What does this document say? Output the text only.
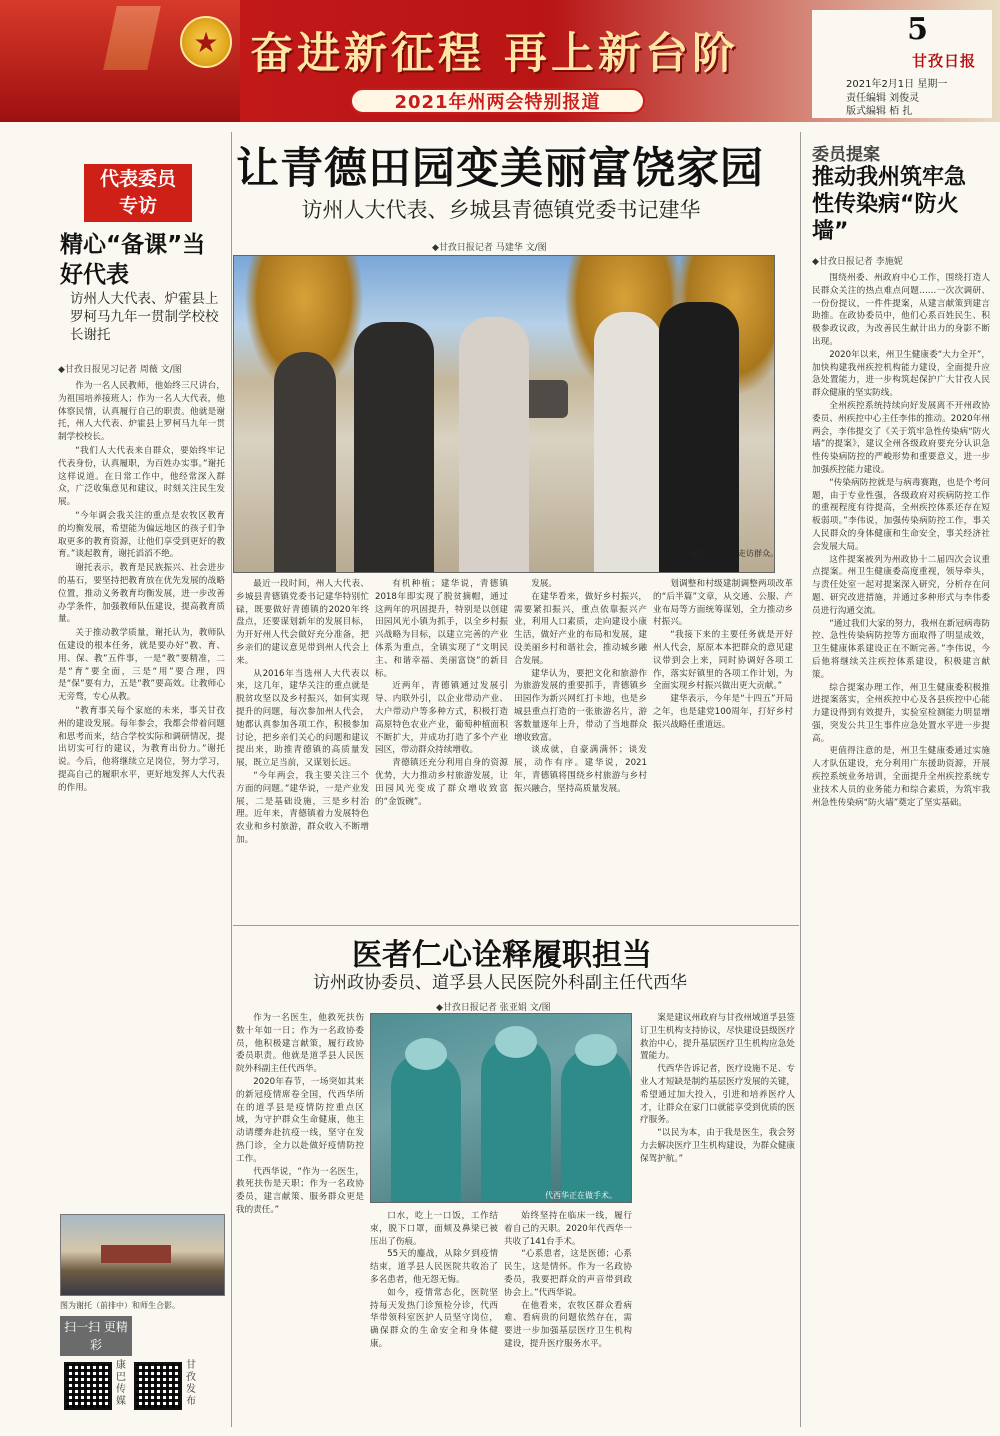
★ 奋进新征程 再上新台阶
2021年州两会特别报道
5
甘孜日报
2021年2月1日 星期一
责任编辑 刘俊灵
版式编辑 栢 扎
代表委员
专访
精心“备课”当好代表
访州人大代表、炉霍县上罗柯马九年一贯制学校校长谢托
◆甘孜日报见习记者 周薇 文/图

作为一名人民教师，他始终三尺讲台，为祖国培养接班人；作为一名人大代表，他体察民情，认真履行自己的职责。他就是谢托，州人大代表、炉霍县上罗柯马九年一贯制学校校长。

“我们人大代表来自群众，要始终牢记代表身份，认真履职，为百姓办实事。”谢托这样说道。在日常工作中，他经常深入群众，广泛收集意见和建议，时刻关注民生发展。

“今年调会我关注的重点是农牧区教育的均衡发展，希望能为偏远地区的孩子们争取更多的教育资源，让他们享受到更好的教育。”谈起教育，谢托滔滔不绝。

谢托表示，教育是民族振兴、社会进步的基石，要坚持把教育放在优先发展的战略位置，推动义务教育均衡发展，进一步改善办学条件，加强教师队伍建设，提高教育质量。

关于推动教学质量，谢托认为，教师队伍建设的根本任务，就是要办好“教、育、用、保、教”五件事，一是“教”要精准，二是“育”要全面，三是“用”要合理，四是“保”要有力，五是“教”要高效。让教师心无旁骛，专心从教。

“教育事关每个家庭的未来，事关甘孜州的建设发展。每年参会，我都会带着问题和思考而来，结合学校实际和调研情况，提出切实可行的建议，为教育出份力。”谢托说。今后，他将继续立足岗位，努力学习，提高自己的履职水平，更好地发挥人大代表的作用。

图为谢托（前排中）和师生合影。
扫一扫 更精彩
康巴传媒
甘孜发布
让青德田园变美丽富饶家园
访州人大代表、乡城县青德镇党委书记建华
◆甘孜日报记者 马建华 文/图
建华（右二）走访群众。

最近一段时间，州人大代表、乡城县青德镇党委书记建华特别忙碌，既要做好青德镇的2020年终盘点，还要谋划新年的发展目标，为开好州人代会做好充分准备，把乡亲们的建议意见带到州人代会上来。

从2016年当选州人大代表以来，这几年，建华关注的重点就是脱贫攻坚以及乡村振兴，如何实现提升的问题，每次参加州人代会，她都认真参加各项工作，积极参加讨论，把乡亲们关心的问题和建议提出来，助推青德镇的高质量发展，既立足当前，又谋划长远。

“今年两会，我主要关注三个方面的问题。”建华说，一是产业发展，二是基础设施，三是乡村治理。近年来，青德镇着力发展特色农业和乡村旅游，群众收入不断增加。

有机种植；建华说，青德镇2018年即实现了脱贫摘帽，通过这两年的巩固提升，特别是以创建田园风光小镇为抓手，以全乡村振兴战略为目标，以建立完善的产业体系为重点，全镇实现了“文明民主、和谐幸福、美丽富饶”的新目标。

近两年，青德镇通过发展引导、内联外引，以企业带动产业、大户带动户等多种方式，积极打造高原特色农业产业，葡萄种植面积不断扩大，并成功打造了多个产业园区，带动群众持续增收。

青德镇还充分利用自身的资源优势，大力推动乡村旅游发展，让田园风光变成了群众增收致富的“金饭碗”。

发展。

在建华看来，做好乡村振兴，需要紧扣振兴，重点依靠振兴产业，利用人口素质，走向建设小康生活，做好产业的布局和发展，建设美丽乡村和谐社会，推动城乡融合发展。

建华认为，要把文化和旅游作为旅游发展的重要抓手，青德镇乡田园作为新兴网红打卡地，也是乡城县重点打造的一张旅游名片，游客数量逐年上升，带动了当地群众增收致富。

谈成就，自豪满满怀；谈发展，动作有序。建华说，2021年，青德镇将围绕乡村旅游与乡村振兴融合，坚持高质量发展。

划调整和村级建制调整两项改革的“后半篇”文章，从交通、公服、产业布局等方面统筹谋划，全力推动乡村振兴。

“我接下来的主要任务就是开好州人代会，原原本本把群众的意见建议带到会上来，同时协调好各项工作，落实好镇里的各项工作计划，为全面实现乡村振兴做出更大贡献。”

建华表示，今年是“十四五”开局之年，也是建党100周年，打好乡村振兴战略任重道远。

医者仁心诠释履职担当
访州政协委员、道孚县人民医院外科副主任代西华
◆甘孜日报记者 张亚娟 文/图

作为一名医生，他救死扶伤数十年如一日；作为一名政协委员，他积极建言献策，履行政协委员职责。他就是道孚县人民医院外科副主任代西华。

2020年春节，一场突如其来的新冠疫情席卷全国，代西华所在的道孚县是疫情防控重点区域，为守护群众生命健康，他主动请缨奔赴抗疫一线，坚守在发热门诊，全力以赴做好疫情防控工作。

代西华说，“作为一名医生，救死扶伤是天职；作为一名政协委员，建言献策、服务群众更是我的责任。”

代西华正在做手术。

口水，吃上一口饭，工作结束，脱下口罩，面颊及鼻梁已被压出了伤痕。

55天的鏖战，从除夕到疫情结束，道孚县人民医院共收治了多名患者，他无怨无悔。

如今，疫情常态化，医院坚持每天发热门诊预检分诊，代西华带领科室医护人员坚守岗位，确保群众的生命安全和身体健康。

始终坚持在临床一线，履行着自己的天职。2020年代西华一共收了141台手术。

“心系患者，这是医德；心系民生，这是情怀。作为一名政协委员，我要把群众的声音带到政协会上。”代西华说。

在他看来，农牧区群众看病难、看病贵的问题依然存在，需要进一步加强基层医疗卫生机构建设，提升医疗服务水平。

案是建议州政府与甘孜州域道孚县签订卫生机构支持协议，尽快建设县级医疗救治中心，提升基层医疗卫生机构应急处置能力。

代西华告诉记者，医疗设施不足、专业人才短缺是制约基层医疗发展的关键，希望通过加大投入，引进和培养医疗人才，让群众在家门口就能享受到优质的医疗服务。

“以民为本，由于我是医生，我会努力去解决医疗卫生机构建设，为群众健康保驾护航。”

委员提案
推动我州筑牢急性传染病“防火墙”
◆甘孜日报记者 李施妮

围绕州委、州政府中心工作，围绕打造人民群众关注的热点难点问题……一次次调研、一份份提议，一件件提案，从建言献策到建言助推。在政协委员中，他们心系百姓民生、积极参政议政，为改善民生献计出力的身影不断出现。

2020年以来，州卫生健康委“大力全开”，加快构建我州疾控机构能力建设，全面提升应急处置能力，进一步构筑起保护广大甘孜人民群众健康的坚实防线。

全州疾控系统持续向好发展离不开州政协委员、州疾控中心主任李伟的推动。2020年州两会，李伟提交了《关于筑牢急性传染病“防火墙”的提案》，建议全州各级政府要充分认识急性传染病防控的严峻形势和重要意义，进一步加强疾控能力建设。

“传染病防控就是与病毒赛跑，也是个考问题，由于专业性强，各级政府对疾病防控工作的重视程度有待提高，全州疾控体系还存在短板弱项。”李伟说，加强传染病防控工作，事关人民群众的身体健康和生命安全，事关经济社会发展大局。

这件提案被列为州政协十二届四次会议重点提案。州卫生健康委高度重视，领导牵头，与责任处室一起对提案深入研究，分析存在问题、研究改进措施，并通过多种形式与李伟委员进行沟通交流。

“通过我们大家的努力，我州在新冠病毒防控、急性传染病防控等方面取得了明显成效，卫生健康体系建设正在不断完善。”李伟说，今后他将继续关注疾控体系建设，积极建言献策。

综合提案办理工作，州卫生健康委积极推进提案落实，全州疾控中心及各县疾控中心能力建设得到有效提升，实验室检测能力明显增强，突发公共卫生事件应急处置水平进一步提高。

更值得注意的是，州卫生健康委通过实施人才队伍建设，充分利用广东援助资源，开展疾控系统业务培训，全面提升全州疾控系统专业技术人员的业务能力和综合素质，为筑牢我州急性传染病“防火墙”奠定了坚实基础。
